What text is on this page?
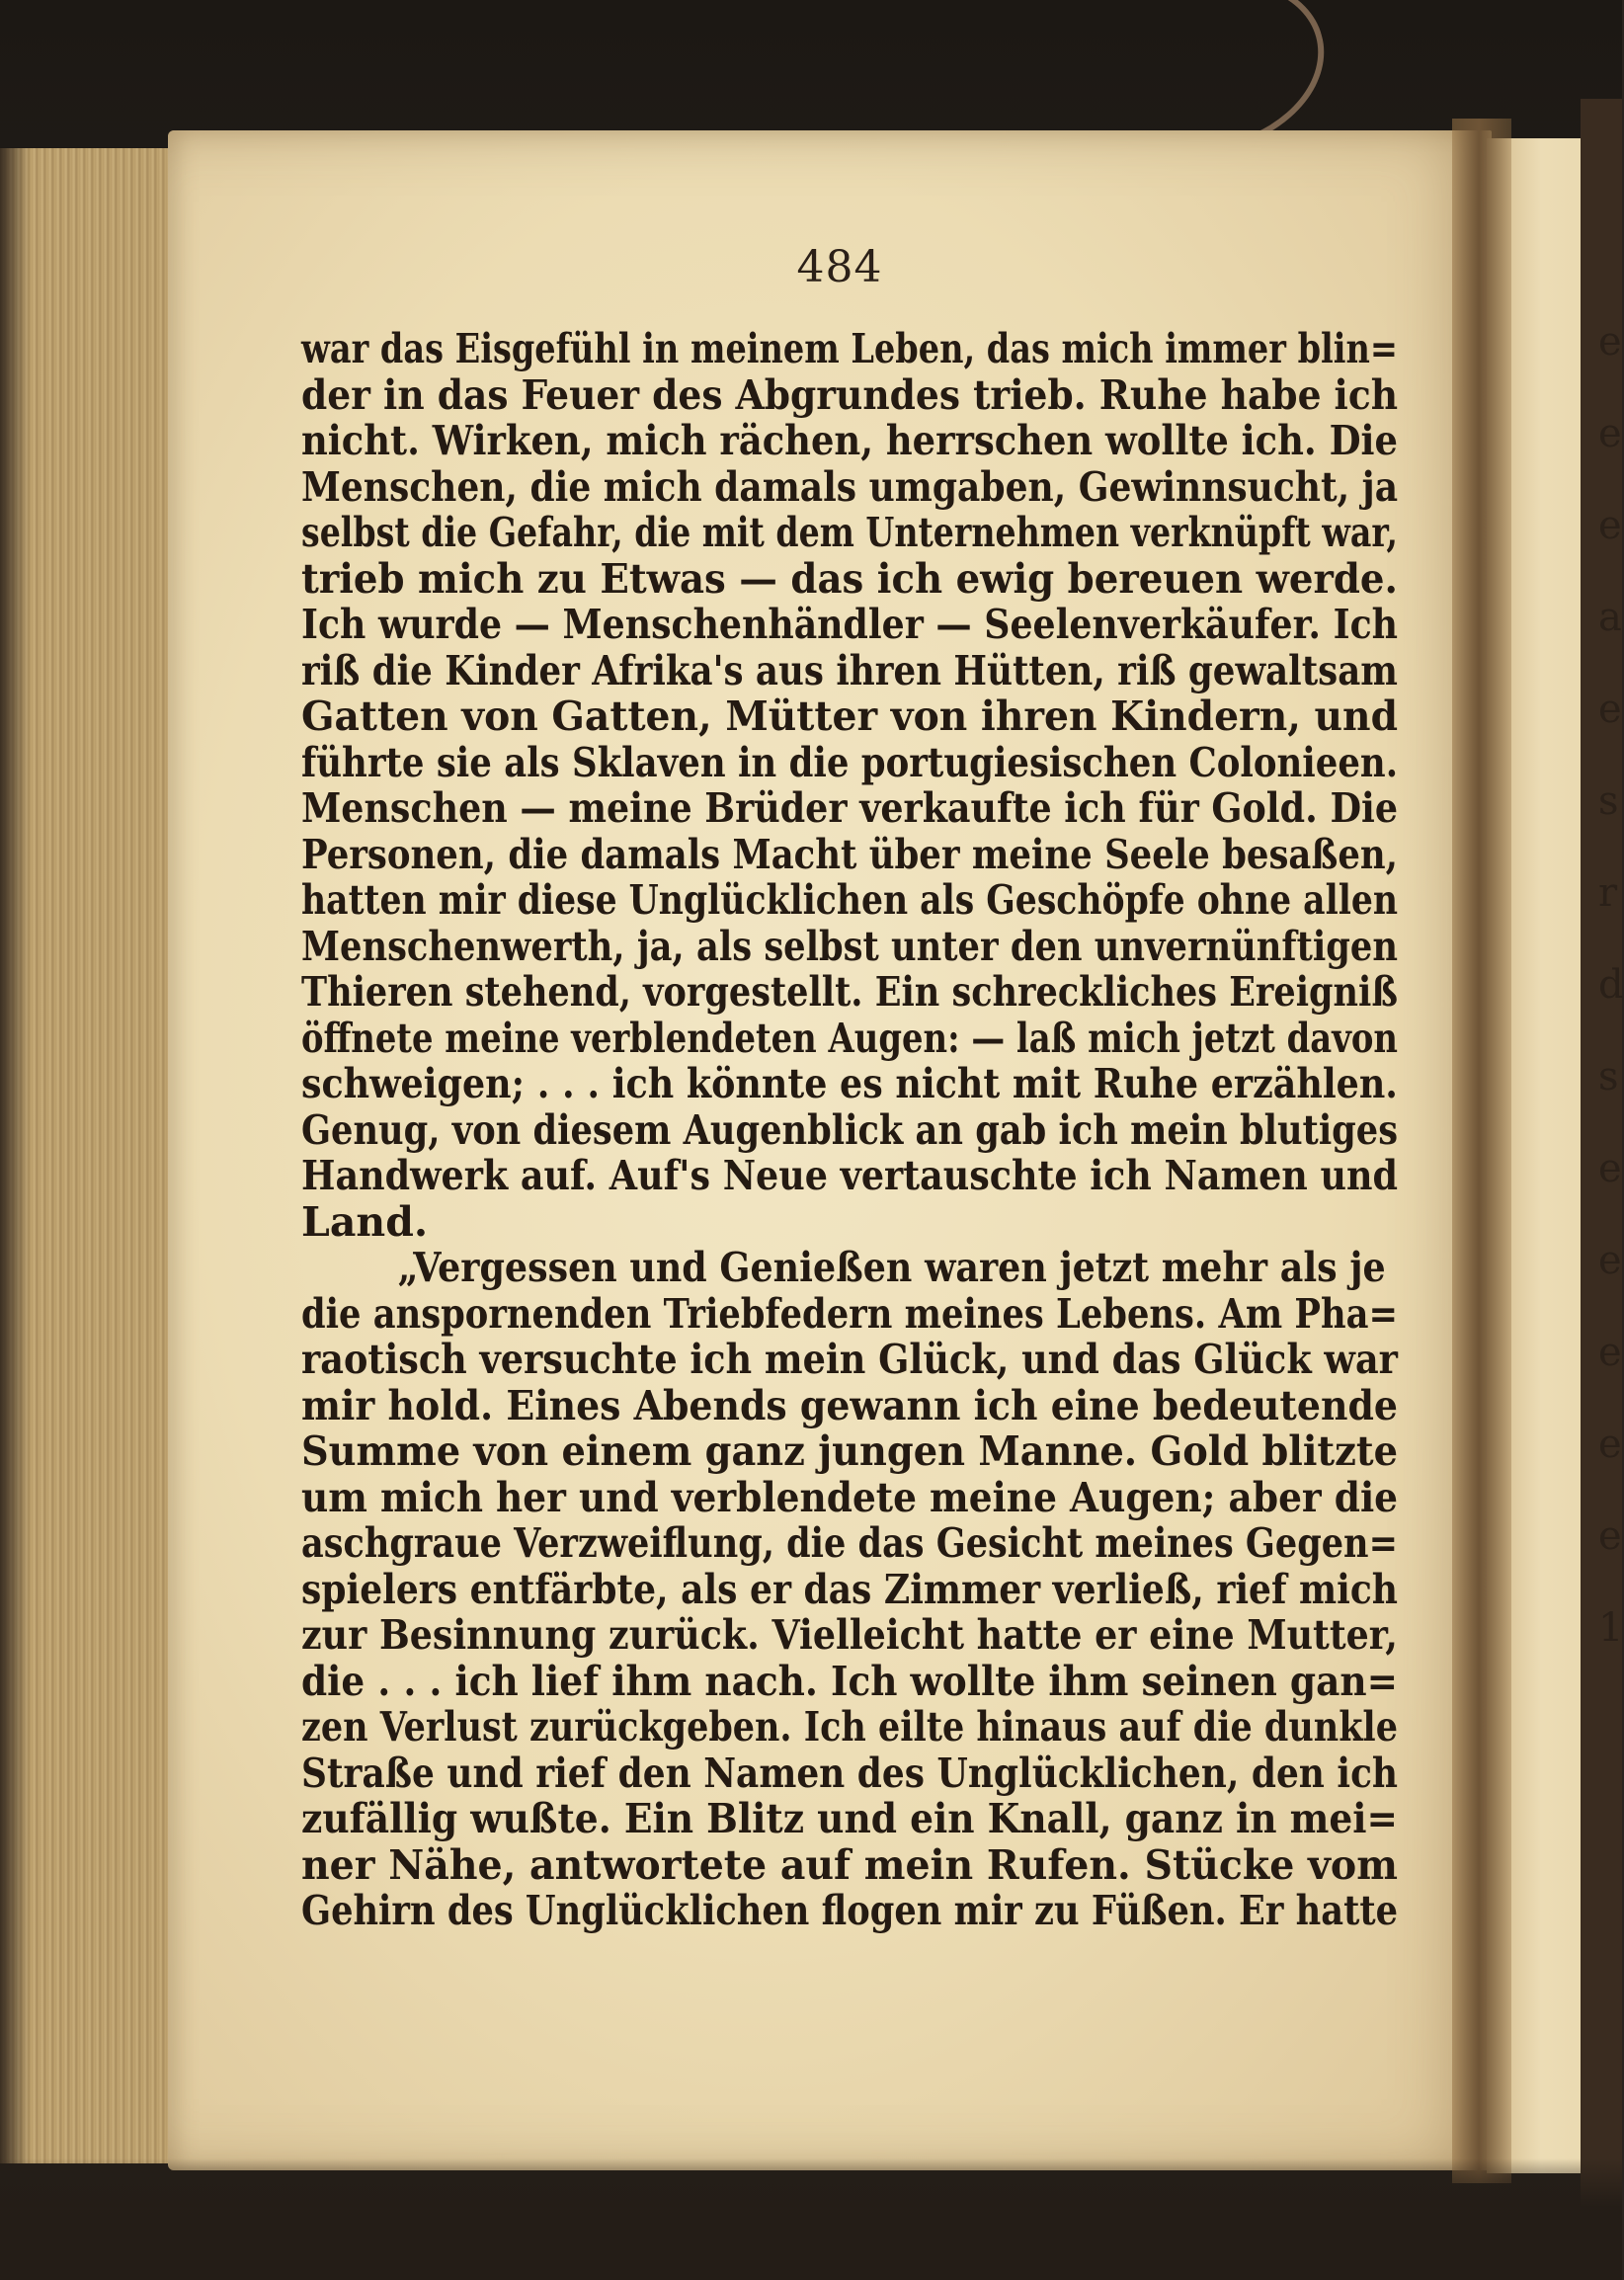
e
e
e
a
e
s
r
d
s
e
e
e
e
e
1
484
war das Eisgefühl in meinem Leben, das mich immer blin=
der in das Feuer des Abgrundes trieb. Ruhe habe ich
nicht. Wirken, mich rächen, herrschen wollte ich. Die
Menschen, die mich damals umgaben, Gewinnsucht, ja
selbst die Gefahr, die mit dem Unternehmen verknüpft war,
trieb mich zu Etwas — das ich ewig bereuen werde.
Ich wurde — Menschenhändler — Seelenverkäufer. Ich
riß die Kinder Afrika's aus ihren Hütten, riß gewaltsam
Gatten von Gatten, Mütter von ihren Kindern, und
führte sie als Sklaven in die portugiesischen Colonieen.
Menschen — meine Brüder verkaufte ich für Gold. Die
Personen, die damals Macht über meine Seele besaßen,
hatten mir diese Unglücklichen als Geschöpfe ohne allen
Menschenwerth, ja, als selbst unter den unvernünftigen
Thieren stehend, vorgestellt. Ein schreckliches Ereigniß
öffnete meine verblendeten Augen: — laß mich jetzt davon
schweigen; . . . ich könnte es nicht mit Ruhe erzählen.
Genug, von diesem Augenblick an gab ich mein blutiges
Handwerk auf. Auf's Neue vertauschte ich Namen und
Land.
„Vergessen und Genießen waren jetzt mehr als je
die anspornenden Triebfedern meines Lebens. Am Pha=
raotisch versuchte ich mein Glück, und das Glück war
mir hold. Eines Abends gewann ich eine bedeutende
Summe von einem ganz jungen Manne. Gold blitzte
um mich her und verblendete meine Augen; aber die
aschgraue Verzweiflung, die das Gesicht meines Gegen=
spielers entfärbte, als er das Zimmer verließ, rief mich
zur Besinnung zurück. Vielleicht hatte er eine Mutter,
die . . . ich lief ihm nach. Ich wollte ihm seinen gan=
zen Verlust zurückgeben. Ich eilte hinaus auf die dunkle
Straße und rief den Namen des Unglücklichen, den ich
zufällig wußte. Ein Blitz und ein Knall, ganz in mei=
ner Nähe, antwortete auf mein Rufen. Stücke vom
Gehirn des Unglücklichen flogen mir zu Füßen. Er hatte
